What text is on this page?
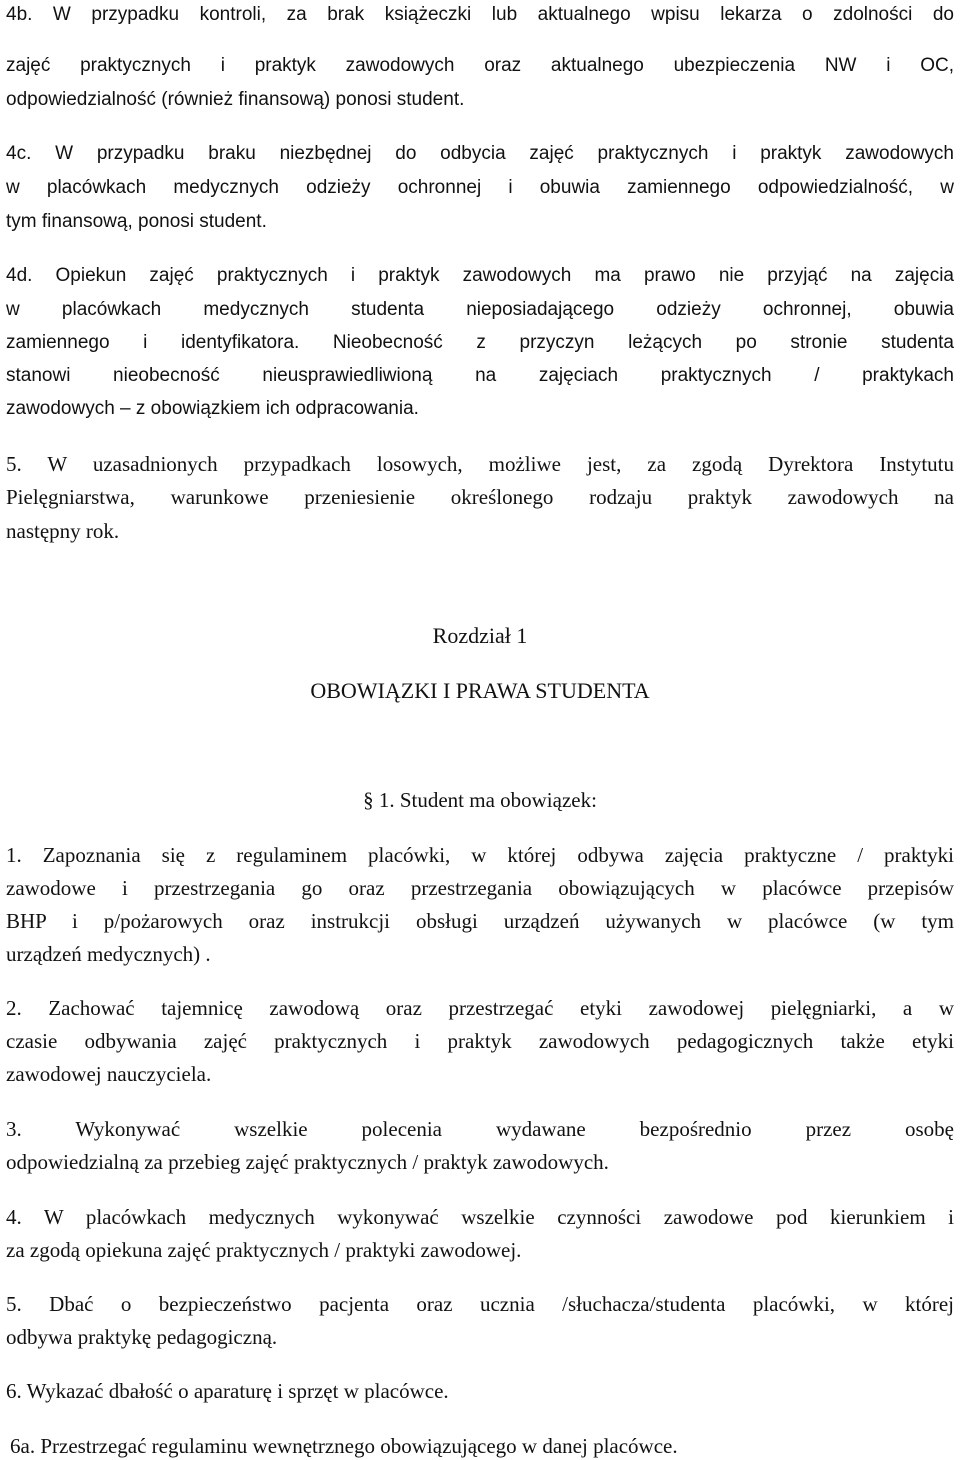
4b. W przypadku kontroli, za brak książeczki lub aktualnego wpisu lekarza o zdolności do
zajęć praktycznych i praktyk zawodowych oraz aktualnego ubezpieczenia NW i OC,
odpowiedzialność (również finansową) ponosi student.
4c. W przypadku braku niezbędnej do odbycia zajęć praktycznych i praktyk zawodowych
w placówkach medycznych odzieży ochronnej i obuwia zamiennego odpowiedzialność, w
tym finansową, ponosi student.
4d. Opiekun zajęć praktycznych i praktyk zawodowych ma prawo nie przyjąć na zajęcia
w placówkach medycznych studenta nieposiadającego odzieży ochronnej, obuwia
zamiennego i identyfikatora. Nieobecność z przyczyn leżących po stronie studenta
stanowi nieobecność nieusprawiedliwioną na zajęciach praktycznych / praktykach
zawodowych – z obowiązkiem ich odpracowania.
5. W uzasadnionych przypadkach losowych, możliwe jest, za zgodą Dyrektora Instytutu
Pielęgniarstwa, warunkowe przeniesienie określonego rodzaju praktyk zawodowych na
następny rok.
Rozdział 1
OBOWIĄZKI I PRAWA STUDENTA
§ 1. Student ma obowiązek:
1. Zapoznania się z regulaminem placówki, w której odbywa zajęcia praktyczne / praktyki
zawodowe i przestrzegania go oraz przestrzegania obowiązujących w placówce przepisów
BHP i p/pożarowych oraz instrukcji obsługi urządzeń używanych w placówce (w tym
urządzeń medycznych) .
2. Zachować tajemnicę zawodową oraz przestrzegać etyki zawodowej pielęgniarki, a w
czasie odbywania zajęć praktycznych i praktyk zawodowych pedagogicznych także etyki
zawodowej nauczyciela.
3. Wykonywać wszelkie polecenia wydawane bezpośrednio przez osobę
odpowiedzialną za przebieg zajęć praktycznych / praktyk zawodowych.
4. W placówkach medycznych wykonywać wszelkie czynności zawodowe pod kierunkiem i
za zgodą opiekuna zajęć praktycznych / praktyki zawodowej.
5. Dbać o bezpieczeństwo pacjenta oraz ucznia /słuchacza/studenta placówki, w której
odbywa praktykę pedagogiczną.
6. Wykazać dbałość o aparaturę i sprzęt w placówce.
6a. Przestrzegać regulaminu wewnętrznego obowiązującego w danej placówce.
